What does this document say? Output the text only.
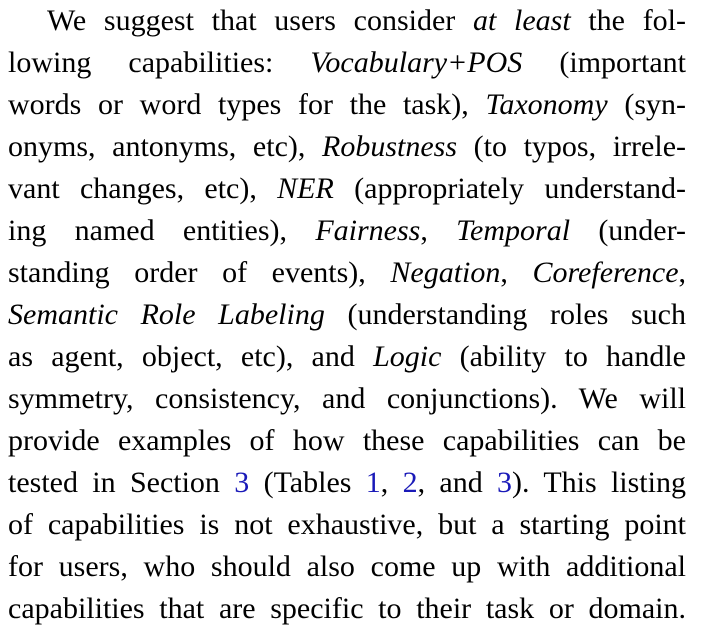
We suggest that users consider at least the fol-
lowing capabilities: Vocabulary+POS (important
words or word types for the task), Taxonomy (syn-
onyms, antonyms, etc), Robustness (to typos, irrele-
vant changes, etc), NER (appropriately understand-
ing named entities), Fairness, Temporal (under-
standing order of events), Negation, Coreference,
Semantic Role Labeling (understanding roles such
as agent, object, etc), and Logic (ability to handle
symmetry, consistency, and conjunctions). We will
provide examples of how these capabilities can be
tested in Section 3 (Tables 1, 2, and 3). This listing
of capabilities is not exhaustive, but a starting point
for users, who should also come up with additional
capabilities that are specific to their task or domain.
